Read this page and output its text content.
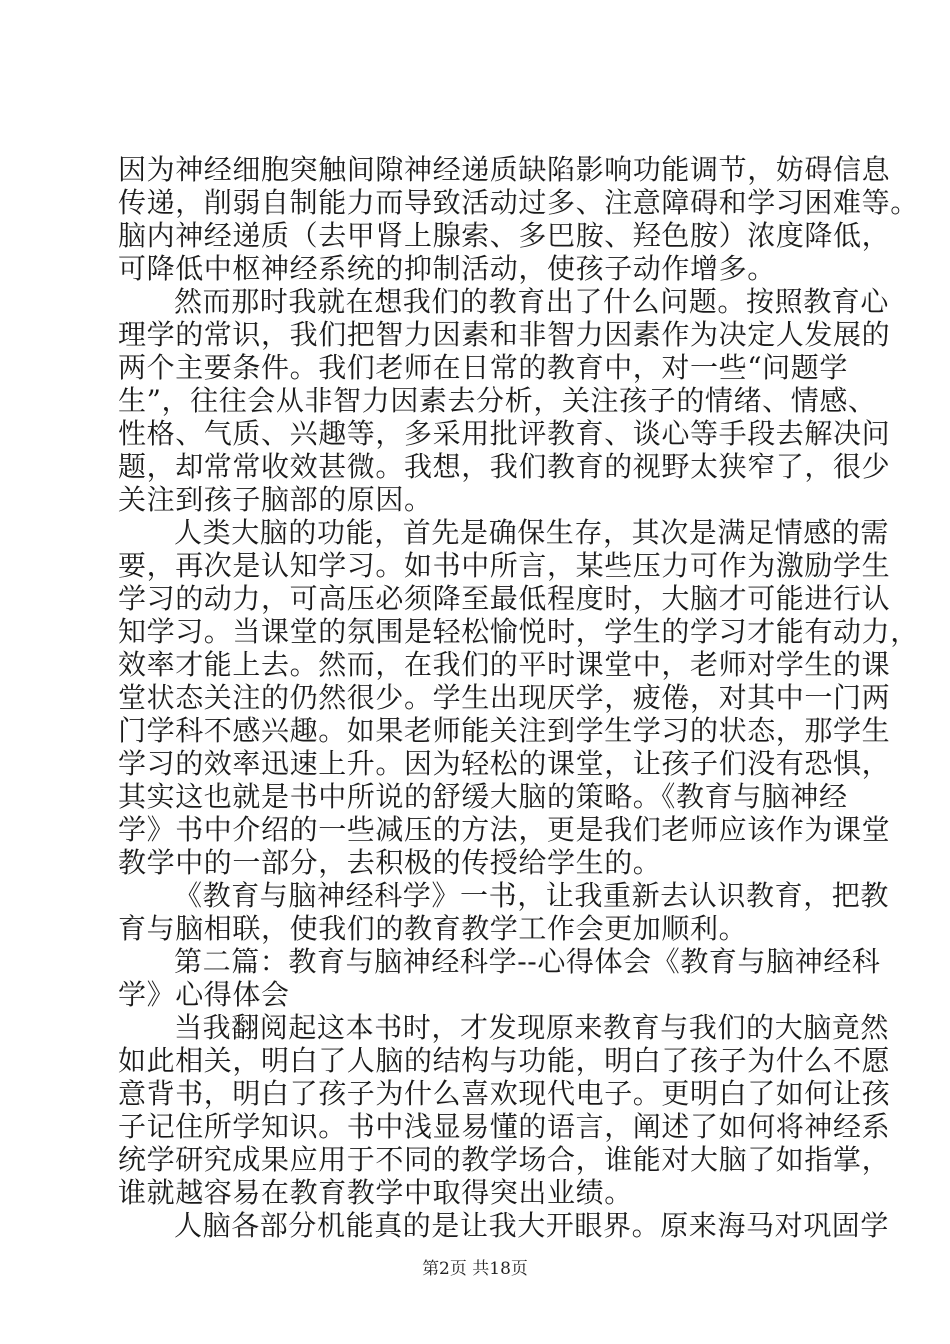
因为神经细胞突触间隙神经递质缺陷影响功能调节，妨碍信息
传递，削弱自制能力而导致活动过多、注意障碍和学习困难等。
脑内神经递质（去甲肾上腺索、多巴胺、羟色胺）浓度降低，
可降低中枢神经系统的抑制活动，使孩子动作增多。
然而那时我就在想我们的教育出了什么问题。按照教育心
理学的常识，我们把智力因素和非智力因素作为决定人发展的
两个主要条件。我们老师在日常的教育中，对一些“问题学
生”，往往会从非智力因素去分析，关注孩子的情绪、情感、
性格、气质、兴趣等，多采用批评教育、谈心等手段去解决问
题，却常常收效甚微。我想，我们教育的视野太狭窄了，很少
关注到孩子脑部的原因。
人类大脑的功能，首先是确保生存，其次是满足情感的需
要，再次是认知学习。如书中所言，某些压力可作为激励学生
学习的动力，可高压必须降至最低程度时，大脑才可能进行认
知学习。当课堂的氛围是轻松愉悦时，学生的学习才能有动力，
效率才能上去。然而，在我们的平时课堂中，老师对学生的课
堂状态关注的仍然很少。学生出现厌学，疲倦，对其中一门两
门学科不感兴趣。如果老师能关注到学生学习的状态，那学生
学习的效率迅速上升。因为轻松的课堂，让孩子们没有恐惧，
其实这也就是书中所说的舒缓大脑的策略。《教育与脑神经
学》书中介绍的一些减压的方法，更是我们老师应该作为课堂
教学中的一部分，去积极的传授给学生的。
《教育与脑神经科学》一书，让我重新去认识教育，把教
育与脑相联，使我们的教育教学工作会更加顺利。
第二篇：教育与脑神经科学--心得体会《教育与脑神经科
学》心得体会
当我翻阅起这本书时，才发现原来教育与我们的大脑竟然
如此相关，明白了人脑的结构与功能，明白了孩子为什么不愿
意背书，明白了孩子为什么喜欢现代电子。更明白了如何让孩
子记住所学知识。书中浅显易懂的语言，阐述了如何将神经系
统学研究成果应用于不同的教学场合，谁能对大脑了如指掌，
谁就越容易在教育教学中取得突出业绩。
人脑各部分机能真的是让我大开眼界。原来海马对巩固学
第2页 共18页
